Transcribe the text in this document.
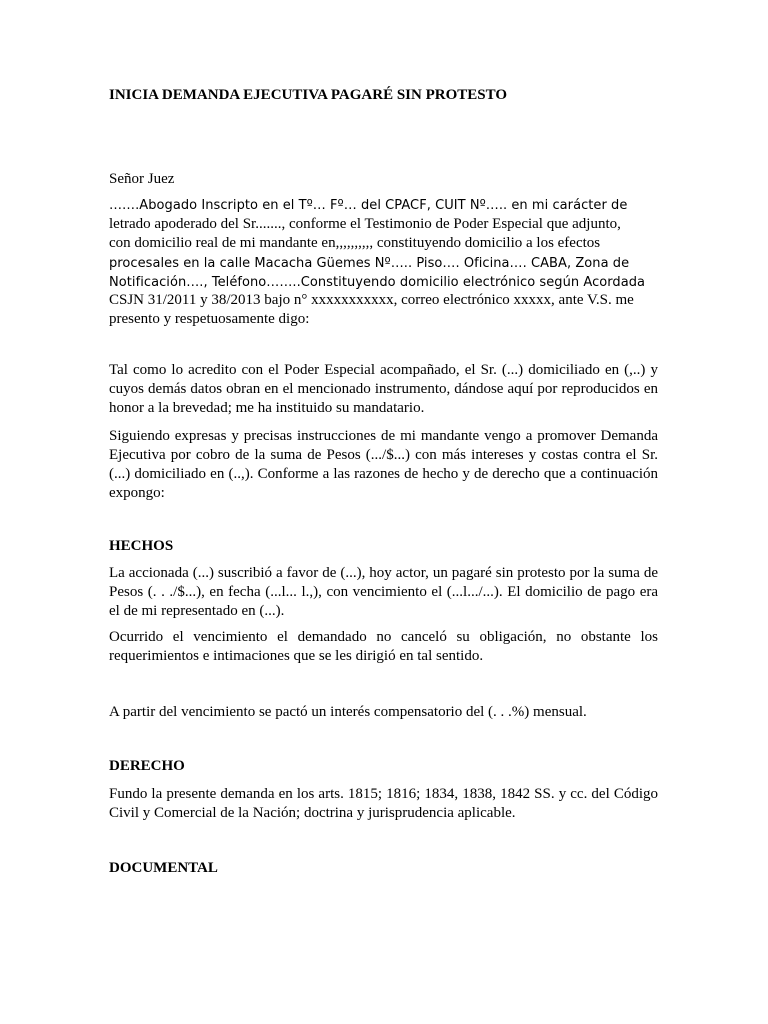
INICIA DEMANDA EJECUTIVA PAGARÉ SIN PROTESTO

Señor Juez

…….Abogado Inscripto en el Tº… Fº… del CPACF, CUIT Nº….. en mi carácter de

letrado apoderado del Sr......., conforme el Testimonio de Poder Especial que adjunto,

con domicilio real de mi mandante en,,,,,,,,,, constituyendo domicilio a los efectos

procesales en la calle Macacha Güemes Nº….. Piso…. Oficina…. CABA, Zona de

Notificación…., Teléfono……..Constituyendo domicilio electrónico según Acordada

CSJN 31/2011 y 38/2013 bajo n° xxxxxxxxxxx, correo electrónico xxxxx, ante V.S. me

presento y respetuosamente digo:

Tal como lo acredito con el Poder Especial acompañado, el Sr. (...) domiciliado en (,..) y cuyos demás datos obran en el mencionado instrumento, dándose aquí por reproducidos en honor a la brevedad; me ha instituido su mandatario.

Siguiendo expresas y precisas instrucciones de mi mandante vengo a promover Demanda Ejecutiva por cobro de la suma de Pesos (.../$...) con más intereses y costas contra el Sr. (...) domiciliado en (..,). Conforme a las razones de hecho y de derecho que a continuación expongo:

HECHOS

La accionada (...) suscribió a favor de (...), hoy actor, un pagaré sin protesto por la suma de Pesos (. . ./$...), en fecha (...l... l.,), con vencimiento el (...l.../...). El domicilio de pago era el de mi representado en (...).

Ocurrido el vencimiento el demandado no canceló su obligación, no obstante los requerimientos e intimaciones que se les dirigió en tal sentido.

A partir del vencimiento se pactó un interés compensatorio del (. . .%) mensual.

DERECHO

Fundo la presente demanda en los arts. 1815; 1816; 1834, 1838, 1842 SS. y cc. del Código Civil y Comercial de la Nación; doctrina y jurisprudencia aplicable.

DOCUMENTAL
